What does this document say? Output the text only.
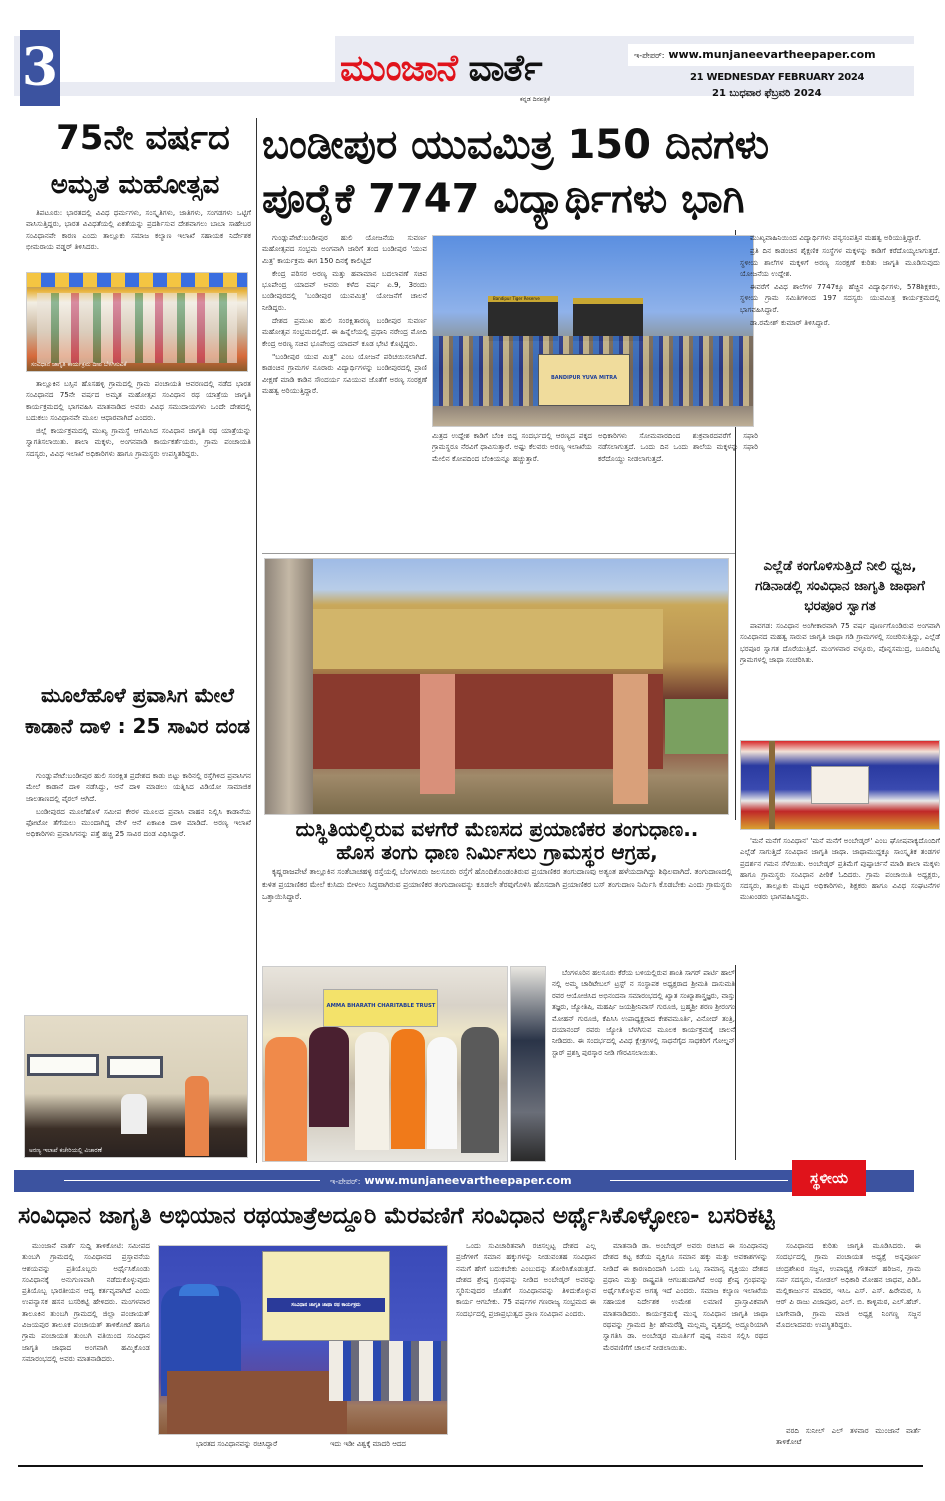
3	ಮುಂಜಾನೆ ವಾರ್ತೆ
ಕನ್ನಡ ದಿನಪತ್ರಿಕೆ
ಇ-ಪೇಪರ್: www.munjaneevartheepaper.com
21 WEDNESDAY FEBRUARY 2024
21 ಬುಧವಾರ ಫೆಬ್ರವರಿ 2024
75ನೇ ವರ್ಷದ
ಅಮೃತ ಮಹೋತ್ಸವ

ತಿಪಟೂರು: ಭಾರತದಲ್ಲಿ ವಿವಿಧ ಧರ್ಮಗಳು, ಸಂಸ್ಕೃತಿಗಳು, ಜಾತಿಗಳು, ಸಂಗಡಗಳು ಒಟ್ಟಿಗೆ ವಾಸಿಸುತ್ತಿದ್ದರು, ಭಾರತ ವಿವಿಧತೆಯಲ್ಲಿ ಏಕತೆಯನ್ನು ಪ್ರದರ್ಶಿಸುವ ದೇಶವಾಗಲು ಬಾಬಾ ಸಾಹೇಬರ ಸಂವಿಧಾನವೇ ಕಾರಣ ಎಂದು ತಾಲ್ಲೂಕು ಸಮಾಜ ಕಲ್ಯಾಣ ಇಲಾಖೆ ಸಹಾಯಕ ನಿರ್ದೇಶಕ ಭೀಮರಾಯ ವಡ್ಡರ್ ತಿಳಿಸಿದರು.

ಸಂವಿಧಾನ ಜಾಗೃತಿ ಕಾರ್ಯಕ್ರಮ ದೀಪ ಬೆಳಗಿಸುವಿಕೆ

ತಾಲ್ಲೂಕಿನ ಬಸ್ಸಿನ ಹೊಸಹಳ್ಳಿ ಗ್ರಾಮದಲ್ಲಿ ಗ್ರಾಮ ಪಂಚಾಯತಿ ಆವರಣದಲ್ಲಿ ನಡೆದ ಭಾರತ ಸಂವಿಧಾನದ 75ನೇ ವರ್ಷದ ಅಮೃತ ಮಹೋತ್ಸವ ಸಂವಿಧಾನ ರಥ ಯಾತ್ರೆಯ ಜಾಗೃತಿ ಕಾರ್ಯಕ್ರಮದಲ್ಲಿ ಭಾಗವಹಿಸಿ ಮಾತನಾಡಿದ ಅವರು ವಿವಿಧ ಸಮುದಾಯಗಳು ಒಂದೇ ದೇಶದಲ್ಲಿ ಬದುಕಲು ಸಂವಿಧಾನವೇ ಮೂಲ ಆಧಾರವಾಗಿದೆ ಎಂದರು.

ಜಿಲ್ಲೆ ಕಾರ್ಯಕ್ರಮದಲ್ಲಿ ಮುಖ್ಯ ಗ್ರಾಮಸ್ಥೆ ಆಗಮಿಸಿದ ಸಂವಿಧಾನ ಜಾಗೃತಿ ರಥ ಯಾತ್ರೆಯನ್ನು ಸ್ವಾಗತಿಸಲಾಯಿತು. ಶಾಲಾ ಮಕ್ಕಳು, ಅಂಗನವಾಡಿ ಕಾರ್ಯಕರ್ತೆಯರು, ಗ್ರಾಮ ಪಂಚಾಯತಿ ಸದಸ್ಯರು, ವಿವಿಧ ಇಲಾಖೆ ಅಧಿಕಾರಿಗಳು ಹಾಗೂ ಗ್ರಾಮಸ್ಥರು ಉಪಸ್ಥಿತರಿದ್ದರು.

ಮೂಲೆಹೊಳೆ ಪ್ರವಾಸಿಗ ಮೇಲೆ ಕಾಡಾನೆ ದಾಳಿ : 25 ಸಾವಿರ ದಂಡ

ಗುಂಡ್ಲುಪೇಟೆ:ಬಂಡೀಪುರ ಹುಲಿ ಸಂರಕ್ಷಿತ ಪ್ರದೇಶದ ಕಾಡು ಬಿಟ್ಟು ಕಾರಿನಲ್ಲಿ ರಸ್ತೆಗಿಳಿದ ಪ್ರವಾಸಿಗನ ಮೇಲೆ ಕಾಡಾನೆ ದಾಳಿ ನಡೆಸಿದ್ದು, ಆನೆ ದಾಳಿ ಮಾಡಲು ಯತ್ನಿಸಿದ ವಿಡಿಯೋ ಸಾಮಾಜಿಕ ಜಾಲತಾಣದಲ್ಲಿ ವೈರಲ್ ಆಗಿದೆ.

ಬಂಡೀಪುರದ ಮೂಲೆಹೊಳೆ ಸಮೀಪ ಕೇರಳ ಮೂಲದ ಪ್ರವಾಸಿ ವಾಹನ ನಿಲ್ಲಿಸಿ ಕಾಡಾನೆಯ ಫೋಟೋ ತೆಗೆಯಲು ಮುಂದಾಗಿದ್ದ ವೇಳೆ ಆನೆ ಏಕಾಏಕಿ ದಾಳಿ ಮಾಡಿದೆ. ಅರಣ್ಯ ಇಲಾಖೆ ಅಧಿಕಾರಿಗಳು ಪ್ರವಾಸಿಗನನ್ನು ಪತ್ತೆ ಹಚ್ಚಿ 25 ಸಾವಿರ ದಂಡ ವಿಧಿಸಿದ್ದಾರೆ.

ಅರಣ್ಯ ಇಲಾಖೆ ಕಚೇರಿಯಲ್ಲಿ ವಿಚಾರಣೆ
ಬಂಡೀಪುರ ಯುವಮಿತ್ರ 150 ದಿನಗಳು
ಪೂರೈಕೆ 7747 ವಿದ್ಯಾರ್ಥಿಗಳು ಭಾಗಿ

ಗುಂಡ್ಲುಪೇಟೆ:ಬಂಡೀಪುರ ಹುಲಿ ಯೋಜನೆಯ ಸುವರ್ಣ ಮಹೋತ್ಸವದ ಸಂಭ್ರಮ ಅಂಗವಾಗಿ ಜಾರಿಗೆ ತಂದ ಬಂಡೀಪುರ 'ಯುವ ಮಿತ್ರ' ಕಾರ್ಯಕ್ರಮ ಈಗ 150 ದಿನಕ್ಕೆ ಕಾಲಿಟ್ಟಿದೆ

ಕೇಂದ್ರ ಪರಿಸರ ಅರಣ್ಯ ಮತ್ತು ಹವಾಮಾನ ಬದಲಾವಣೆ ಸಚಿವ ಭೂಪೇಂದ್ರ ಯಾದವ್ ಅವರು ಕಳೆದ ವರ್ಷ ಏ.9, 3ರಂದು ಬಂಡೀಪುರದಲ್ಲಿ 'ಬಂಡೀಪುರ ಯುವಮಿತ್ರ' ಯೋಜನೆಗೆ ಚಾಲನೆ ನೀಡಿದ್ದರು.

ದೇಶದ ಪ್ರಮುಖ ಹುಲಿ ಸಂರಕ್ಷಿತಾರಣ್ಯ ಬಂಡೀಪುರ ಸುವರ್ಣ ಮಹೋತ್ಸವ ಸಂಭ್ರಮದಲ್ಲಿದೆ. ಈ ಹಿನ್ನೆಲೆಯಲ್ಲಿ ಪ್ರಧಾನಿ ನರೇಂದ್ರ ಮೋದಿ ಕೇಂದ್ರ ಅರಣ್ಯ ಸಚಿವ ಭೂಪೇಂದ್ರ ಯಾದವ್ ಕೂಡ ಭೇಟಿ ಕೊಟ್ಟಿದ್ದರು.

"ಬಂಡೀಪುರ ಯುವ ಮಿತ್ರ" ಎಂಬ ಯೋಜನೆ ಪರಿಚಯಿಸಲಾಗಿದೆ. ಕಾಡಂಚಿನ ಗ್ರಾಮಗಳ ನೂರಾರು ವಿದ್ಯಾರ್ಥಿಗಳನ್ನು ಬಂಡೀಪುರದಲ್ಲಿ ಪ್ರಾಣಿ ವೀಕ್ಷಣೆ ಮಾಡಿ ಕಾಡಿನ ಸೌಂದರ್ಯ ಸವಿಯುವ ಜೊತೆಗೆ ಅರಣ್ಯ ಸಂರಕ್ಷಣೆ ಮಹತ್ವ ಅರಿಯುತ್ತಿದ್ದಾರೆ.

Bandipur Tiger Reserve
BANDIPUR YUVA MITRA
ಮಿತ್ರದ ಉದ್ದೇಶ ಕಾಡಿಗೆ ಬೆಂಕಿ ಬಿದ್ದ ಸಂದರ್ಭದಲ್ಲಿ ಆರಣ್ಯದ ಪಕ್ಕದ ಗ್ರಾಮಸ್ಥರೂ ನೆರವಿಗೆ ಧಾವಿಸುತ್ತಾರೆ. ಅಷ್ಟು ಕೆಲವರು ಅರಣ್ಯ ಇಲಾಖೆಯ ಮೇಲಿನ ಕೋಪದಿಂದ ಬೆಂಕಿಯನ್ನೂ ಹಚ್ಚುತ್ತಾರೆ.
ಅಧಿಕಾರಿಗಳು ಸೋಮವಾರದಿಂದ ಶುಕ್ರವಾರದವರೆಗೆ ಸಫಾರಿ ನಡೆಸಲಾಗುತ್ತದೆ. ಒಂದು ದಿನ ಒಂದು ಶಾಲೆಯ ಮಕ್ಕಳನ್ನು ಸಫಾರಿ ಕರೆದೊಯ್ದು ನೀಡಲಾಗುತ್ತದೆ.

ಮುಖ್ಯವಾಹಿನಿಯಿಂದ ವಿದ್ಯಾರ್ಥಿಗಳು ವನ್ಯಸಂಪತ್ತಿನ ಮಹತ್ವ ಅರಿಯುತ್ತಿದ್ದಾರೆ.

ಪ್ರತಿ ದಿನ ಕಾಡಂಚಿನ ಶೈಕ್ಷಣಿಕ ಸಂಸ್ಥೆಗಳ ಮಕ್ಕಳನ್ನು ಕಾಡಿಗೆ ಕರೆದೊಯ್ಯಲಾಗುತ್ತದೆ. ಸ್ಥಳೀಯ ಶಾಲೆಗಳ ಮಕ್ಕಳಿಗೆ ಅರಣ್ಯ ಸಂರಕ್ಷಣೆ ಕುರಿತು ಜಾಗೃತಿ ಮೂಡಿಸುವುದು ಯೋಜನೆಯ ಉದ್ದೇಶ.

ಈವರೆಗೆ ವಿವಿಧ ಶಾಲೆಗಳ 7747ಕ್ಕೂ ಹೆಚ್ಚಿನ ವಿದ್ಯಾರ್ಥಿಗಳು, 578ಶಿಕ್ಷಕರು, ಸ್ಥಳೀಯ ಗ್ರಾಮ ಸಮಿತಿಗಳಿಂದ 197 ಸದಸ್ಯರು ಯುವಮಿತ್ರ ಕಾರ್ಯಕ್ರಮದಲ್ಲಿ ಭಾಗವಹಿಸಿದ್ದಾರೆ.

ಡಾ.ರಮೇಶ್ ಕುಮಾರ್ ತಿಳಿಸಿದ್ದಾರೆ.

ದುಸ್ಥಿತಿಯಲ್ಲಿರುವ ವಳಗೆರೆ ಮೆಣಸದ ಪ್ರಯಾಣಿಕರ ತಂಗುಧಾಣ..
ಹೊಸ ತಂಗು ಧಾಣ ನಿರ್ಮಿಸಲು ಗ್ರಾಮಸ್ಥರ ಆಗ್ರಹ,

ಕೃಷ್ಣರಾಜಪೇಟೆ ತಾಲ್ಲೂಕಿನ ಸಂತೆಬಾಚಹಳ್ಳಿ ರಸ್ತೆಯಲ್ಲಿ ಬೆಂಗಳೂರು ಜಲಸೂರು ರಸ್ತೆಗೆ ಹೊಂದಿಕೊಂಡಂತಿರುವ ಪ್ರಯಾಣಿಕರ ತಂಗುದಾಣವು ಅತ್ಯಂತ ಹಳೆಯದಾಗಿದ್ದು ಶಿಥಿಲವಾಗಿದೆ. ತಂಗುದಾಣದಲ್ಲಿ ಕುಳಿತ ಪ್ರಯಾಣಿಕರ ಮೇಲೆ ಕುಸಿದು ಬೀಳಲು ಸಿದ್ಧವಾಗಿರುವ ಪ್ರಯಾಣಿಕರ ತಂಗುದಾಣವನ್ನು ಕೂಡಲೇ ತೆರವುಗೊಳಿಸಿ ಹೊಸದಾಗಿ ಪ್ರಯಾಣಿಕರ ಬಸ್ ತಂಗುದಾಣ ನಿರ್ಮಿಸಿ ಕೊಡಬೇಕು ಎಂದು ಗ್ರಾಮಸ್ಥರು ಒತ್ತಾಯಿಸಿದ್ದಾರೆ.

ಎಲ್ಲೆಡೆ ಕಂಗೊಳಿಸುತ್ತಿದೆ ನೀಲಿ ಧ್ವಜ, ಗಡಿನಾಡಲ್ಲಿ ಸಂವಿಧಾನ ಜಾಗೃತಿ ಜಾಥಾಗೆ ಭರಪೂರ ಸ್ವಾಗತ

ಪಾವಗಡ: ಸಂವಿಧಾನ ಅಂಗೀಕಾರವಾಗಿ 75 ವರ್ಷ ಪೂರ್ಣಗೊಂಡಿರುವ ಅಂಗವಾಗಿ ಸಂವಿಧಾನದ ಮಹತ್ವ ಸಾರುವ ಜಾಗೃತಿ ಜಾಥಾ ಗಡಿ ಗ್ರಾಮಗಳಲ್ಲಿ ಸಂಚರಿಸುತ್ತಿದ್ದು, ಎಲ್ಲೆಡೆ ಭರಪೂರ ಸ್ವಾಗತ ದೊರೆಯುತ್ತಿದೆ. ಮಂಗಳವಾರ ವಳ್ಳೂರು, ಪೊನ್ನಸಮುದ್ರ, ಬೂದಿಬೆಟ್ಟ ಗ್ರಾಮಗಳಲ್ಲಿ ಜಾಥಾ ಸಂಚರಿಸಿತು.

'ಮನೆ ಮನೆಗೆ ಸಂವಿಧಾನ' 'ಮನೆ ಮನೆಗೆ ಅಂಬೇಡ್ಕರ್' ಎಂಬ ಘೋಷವಾಕ್ಯದೊಂದಿಗೆ ಎಲ್ಲೆಡೆ ಸಾಗುತ್ತಿದೆ ಸಂವಿಧಾನ ಜಾಗೃತಿ ಜಾಥಾ. ಜಾಥಾಮುದ್ದಕ್ಕೂ ಸಾಂಸ್ಕೃತಿಕ ತಂಡಗಳ ಪ್ರದರ್ಶನ ಗಮನ ಸೆಳೆಯಿತು. ಅಂಬೇಡ್ಕರ್ ಪ್ರತಿಮೆಗೆ ಪುಷ್ಪಾರ್ಚನೆ ಮಾಡಿ ಶಾಲಾ ಮಕ್ಕಳು ಹಾಗೂ ಗ್ರಾಮಸ್ಥರು ಸಂವಿಧಾನ ಪೀಠಿಕೆ ಓದಿದರು. ಗ್ರಾಮ ಪಂಚಾಯಿತಿ ಅಧ್ಯಕ್ಷರು, ಸದಸ್ಯರು, ತಾಲ್ಲೂಕು ಮಟ್ಟದ ಅಧಿಕಾರಿಗಳು, ಶಿಕ್ಷಕರು ಹಾಗೂ ವಿವಿಧ ಸಂಘಟನೆಗಳ ಮುಖಂಡರು ಭಾಗವಹಿಸಿದ್ದರು.

AMMA BHARATH CHARITABLE TRUST

ಬೆಂಗಳೂರಿನ ಹಲಸೂರು ಕೆರೆಯ ಬಳಿಯಲ್ಲಿರುವ ಶಾಂತಿ ಸಾಗರ್ ಪಾರ್ಟಿ ಹಾಲ್ ನಲ್ಲಿ ಅಮ್ಮ ಚಾರಿಟೇಬಲ್ ಟ್ರಸ್ಟ್ ನ ಸಂಸ್ಥಾಪಕ ಅಧ್ಯಕ್ಷರಾದ ಶ್ರೀಮತಿ ದಾಸುಮತಿ ರವರ ಆಯೋಜಿಸಿದ ಅಭಿನಂದನಾ ಸಮಾರಂಭದಲ್ಲಿ ಖ್ಯಾತ ಸಂಖ್ಯಾಶಾಸ್ತ್ರಜ್ಞರು, ವಾಸ್ತು ತಜ್ಞರು, ಜ್ಯೋತಿಷಿ, ಮಹರ್ಷಿ ಜಯಶ್ರೀನಿವಾಸ್ ಗುರೂಜಿ, ಬ್ರಹ್ಮಶ್ರೀ ಶರಣ ಶ್ರೀರಂಗಂ ಮೋಹನ್ ಗುರೂಜಿ, ಕೆಪಿಸಿಸಿ ಉಪಾಧ್ಯಕ್ಷರಾದ ಕೇಶವಮೂರ್ತಿ, ವಿನೋದ್ ತಂತ್ರಿ, ದಯಾನಂದ್ ರವರು ಜ್ಯೋತಿ ಬೆಳಗಿಸುವ ಮೂಲಕ ಕಾರ್ಯಕ್ರಮಕ್ಕೆ ಚಾಲನೆ ನೀಡಿದರು. ಈ ಸಂದರ್ಭದಲ್ಲಿ ವಿವಿಧ ಕ್ಷೇತ್ರಗಳಲ್ಲಿ ಸಾಧನೆಗೈದ ಸಾಧಕರಿಗೆ ಗೋಲ್ಡನ್ ಸ್ಟಾರ್ ಪ್ರಶಸ್ತಿ ಪುರಸ್ಕಾರ ನೀಡಿ ಗೌರವಿಸಲಾಯಿತು.

ಇ-ಪೇಪರ್: www.munjaneevartheepaper.com	ಸ್ಥಳೀಯ
ಸಂವಿಧಾನ ಜಾಗೃತಿ ಅಭಿಯಾನ ರಥಯಾತ್ರೆಅದ್ದೂರಿ ಮೆರವಣಿಗೆ ಸಂವಿಧಾನ ಅರ್ಥೈಸಿಕೊಳ್ಳೋಣ- ಬಸರಿಕಟ್ಟಿ

ಮುಂಜಾನೆ ವಾರ್ತೆ ಸುದ್ದಿ ತಾಳಿಕೋಟಿ: ಸಮೀಪದ ತುಂಬಗಿ ಗ್ರಾಮದಲ್ಲಿ ಸಂವಿಧಾನದ ಪ್ರಸ್ತಾವನೆಯ ಆಶಯವನ್ನು ಪ್ರತಿಯೊಬ್ಬರು ಅರ್ಥೈಸಿಕೊಂಡು ಸಂವಿಧಾನಕ್ಕೆ ಅನುಗುಣವಾಗಿ ನಡೆದುಕೊಳ್ಳುವುದು ಪ್ರತಿಯೊಬ್ಬ ಭಾರತೀಯನ ಆದ್ಯ ಕರ್ತವ್ಯವಾಗಿದೆ ಎಂದು ಉಪನ್ಯಾಸಕ ಹಸನ ಬಸರಿಕಟ್ಟಿ ಹೇಳಿದರು. ಮಂಗಳವಾರ ತಾಲೂಕಿನ ತುಂಬಗಿ ಗ್ರಾಮದಲ್ಲಿ ಜಿಲ್ಲಾ ಪಂಚಾಯತ್ ವಿಜಯಪುರ ತಾಲೂಕ ಪಂಚಾಯತ್ ತಾಳಿಕೋಟೆ ಹಾಗೂ ಗ್ರಾಮ ಪಂಚಾಯತ ತುಂಬಗಿ ವತಿಯಿಂದ ಸಂವಿಧಾನ ಜಾಗೃತಿ ಜಾಥಾದ ಅಂಗವಾಗಿ ಹಮ್ಮಿಕೊಂಡ ಸಮಾರಂಭದಲ್ಲಿ ಅವರು ಮಾತನಾಡಿದರು.

ಸಂವಿಧಾನ ಜಾಗೃತಿ ಜಾಥಾ ರಥ ಕಾರ್ಯಕ್ರಮ
ಭಾರತದ ಸಂವಿಧಾನವನ್ನು ರಚಿಸಿದ್ದಾರೆ	ಇದು ಇಡೀ ವಿಶ್ವಕ್ಕೆ ಮಾದರಿ ಆದದ

ಒಂದು ಸುವಿಚಾರಿತವಾಗಿ ರಚಿಸಲ್ಪಟ್ಟ ದೇಶದ ಎಲ್ಲ ಪ್ರಜೆಗಳಿಗೆ ಸಮಾನ ಹಕ್ಕುಗಳನ್ನು ನೀಡುವಂತಹ ಸಂವಿಧಾನ ನಮಗೆ ಹೇಗೆ ಬದುಕಬೇಕು ಎಂಬುದನ್ನು ತೋರಿಸಿಕೊಡುತ್ತದೆ. ದೇಶದ ಶ್ರೇಷ್ಠ ಗ್ರಂಥವನ್ನು ನೀಡಿದ ಅಂಬೇಡ್ಕರ್ ಅವರನ್ನು ಸ್ಮರಿಸುವುದರ ಜೊತೆಗೆ ಸಂವಿಧಾನವನ್ನು ತಿಳಿದುಕೊಳ್ಳುವ ಕಾರ್ಯ ಆಗಬೇಕು. 75 ವರ್ಷಗಳ ಗಣರಾಜ್ಯ ಸಂಭ್ರಮದ ಈ ಸಂದರ್ಭದಲ್ಲಿ ಪ್ರಜಾಪ್ರಭುತ್ವದ ಪ್ರಾಣ ಸಂವಿಧಾನ ಎಂದರು.

ಮಾತನಾಡಿ ಡಾ. ಅಂಬೇಡ್ಕರ್ ಅವರು ರಚಿಸಿದ ಈ ಸಂವಿಧಾನವು ದೇಶದ ಕಟ್ಟ ಕಡೆಯ ವ್ಯಕ್ತಿಗೂ ಸಮಾನ ಹಕ್ಕು ಮತ್ತು ಅವಕಾಶಗಳನ್ನು ನೀಡಿದೆ ಈ ಕಾರಣದಿಂದಾಗಿ ಒಂದು ಒಬ್ಬ ಸಾಮಾನ್ಯ ವ್ಯಕ್ತಿಯು ದೇಶದ ಪ್ರಧಾನಿ ಮತ್ತು ರಾಷ್ಟ್ರಪತಿ ಆಗಬಹುದಾಗಿದೆ ಅಂಥ ಶ್ರೇಷ್ಠ ಗ್ರಂಥವನ್ನು ಅರ್ಥೈಸಿಕೊಳ್ಳುವ ಅಗತ್ಯ ಇದೆ ಎಂದರು. ಸಮಾಜ ಕಲ್ಯಾಣ ಇಲಾಖೆಯ ಸಹಾಯಕ ನಿರ್ದೇಶಕ ಉಮೇಶ ಲಮಾಣಿ ಪ್ರಾಸ್ತಾವಿಕವಾಗಿ ಮಾತನಾಡಿದರು. ಕಾರ್ಯಕ್ರಮಕ್ಕೆ ಮುನ್ನ ಸಂವಿಧಾನ ಜಾಗೃತಿ ಜಾಥಾ ರಥವನ್ನು ಗ್ರಾಮದ ಶ್ರೀ ಹೇಮರೆಡ್ಡಿ ಮಲ್ಲಮ್ಮ ವೃತ್ತದಲ್ಲಿ ಅದ್ದೂರಿಯಾಗಿ ಸ್ವಾಗತಿಸಿ ಡಾ. ಅಂಬೇಡ್ಕರ ಮೂರ್ತಿಗೆ ಪುಷ್ಪ ನಮನ ಸಲ್ಲಿಸಿ ರಥದ ಮೆರವಣಿಗೆಗೆ ಚಾಲನೆ ನೀಡಲಾಯಿತು.

ಸಂವಿಧಾನದ ಕುರಿತು ಜಾಗೃತಿ ಮೂಡಿಸಿದರು. ಈ ಸಂದರ್ಭದಲ್ಲಿ ಗ್ರಾಮ ಪಂಚಾಯತ ಅಧ್ಯಕ್ಷೆ ಅನ್ನಪೂರ್ಣ ಚಂದ್ರಶೇಖರ ಸಜ್ಜನ, ಉಪಾಧ್ಯಕ್ಷ ಗೌತಮ್ ಹರಿಜನ, ಗ್ರಾಮ ಸರ್ವ ಸದಸ್ಯರು, ನೋಡಲ್ ಅಧಿಕಾರಿ ಮೋಹನ ಜಾಧವ, ಪಿಡಿಓ ಮಲ್ಲಿಕಾರ್ಜುನ ಮಾದರ, ಇಸಿಒ ಎಸ್. ಎಸ್. ಹಿರೇಮಠ, ಸಿ ಆರ್ ಪಿ ರಾಜು ವಿಜಾಪೂರ, ಎಲ್. ಬಿ. ಕಾಳ್ಳಿಮಠ, ಎಲ್.ಹೆಚ್. ಬಾಗೇವಾಡಿ, ಗ್ರಾಮ ಮಾಜಿ ಅಧ್ಯಕ್ಷ ನಿಂಗಣ್ಣ ಸಜ್ಜನ ಮೊದಲಾದವರು ಉಪಸ್ಥಿತರಿದ್ದರು.

ವರದಿ ಸುನೀಲ್ ಎಲ್ ತಳವಾರ ಮುಂಜಾನೆ ವಾರ್ತೆ ತಾಳಿಕೋಟೆ
